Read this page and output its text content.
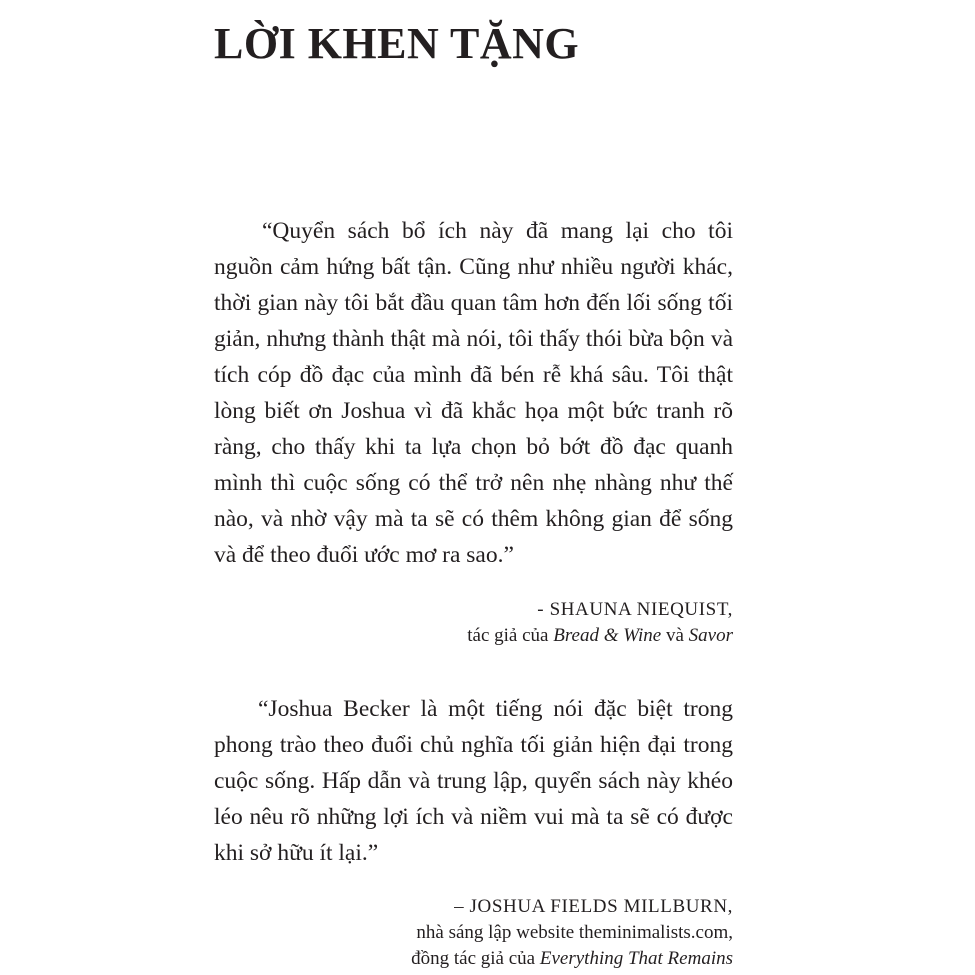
LỜI KHEN TẶNG

“Quyển sách bổ ích này đã mang lại cho tôi nguồn cảm hứng bất tận. Cũng như nhiều người khác, thời gian này tôi bắt đầu quan tâm hơn đến lối sống tối giản, nhưng thành thật mà nói, tôi thấy thói bừa bộn và tích cóp đồ đạc của mình đã bén rễ khá sâu. Tôi thật lòng biết ơn Joshua vì đã khắc họa một bức tranh rõ ràng, cho thấy khi ta lựa chọn bỏ bớt đồ đạc quanh mình thì cuộc sống có thể trở nên nhẹ nhàng như thế nào, và nhờ vậy mà ta sẽ có thêm không gian để sống và để theo đuổi ước mơ ra sao.”

- SHAUNA NIEQUIST,
tác giả của Bread & Wine và Savor

“Joshua Becker là một tiếng nói đặc biệt trong phong trào theo đuổi chủ nghĩa tối giản hiện đại trong cuộc sống. Hấp dẫn và trung lập, quyển sách này khéo léo nêu rõ những lợi ích và niềm vui mà ta sẽ có được khi sở hữu ít lại.”

– JOSHUA FIELDS MILLBURN,
nhà sáng lập website theminimalists.com,
đồng tác giả của Everything That Remains
